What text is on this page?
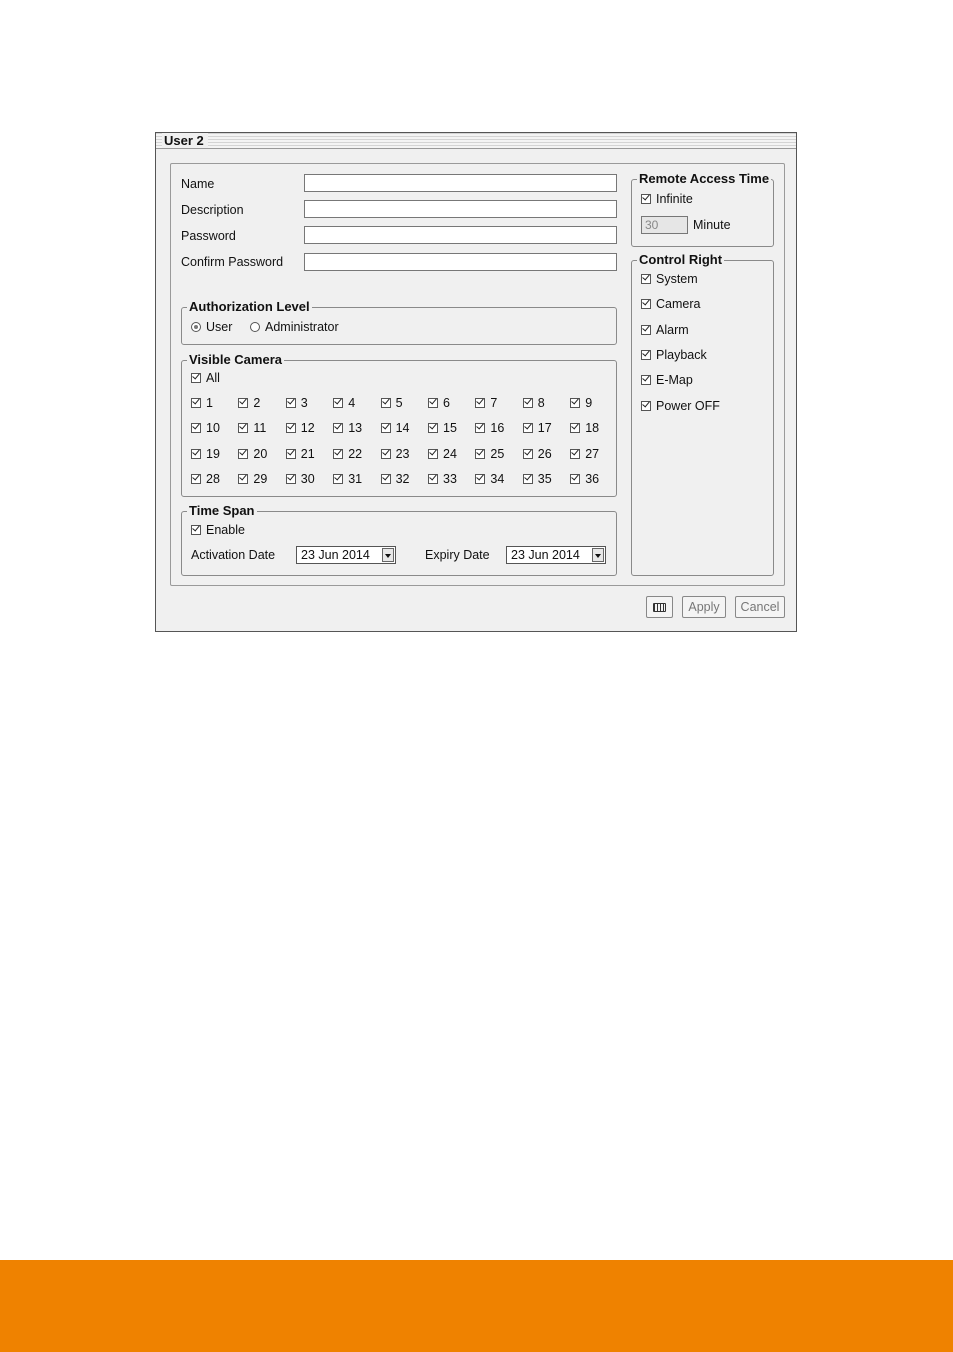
User 2
Name
Description
Password
Confirm Password
Authorization Level
User	Administrator
Visible Camera
All
1	2	3	4	5	6	7	8	9
10	11	12	13	14	15	16	17	18
19	20	21	22	23	24	25	26	27
28	29	30	31	32	33	34	35	36
Time Span
Enable
Activation Date	23 Jun 2014	Expiry Date	23 Jun 2014
Remote Access Time
Infinite
30
Minute
Control Right
System
Camera
Alarm
Playback
E-Map
Power OFF
Apply	Cancel
